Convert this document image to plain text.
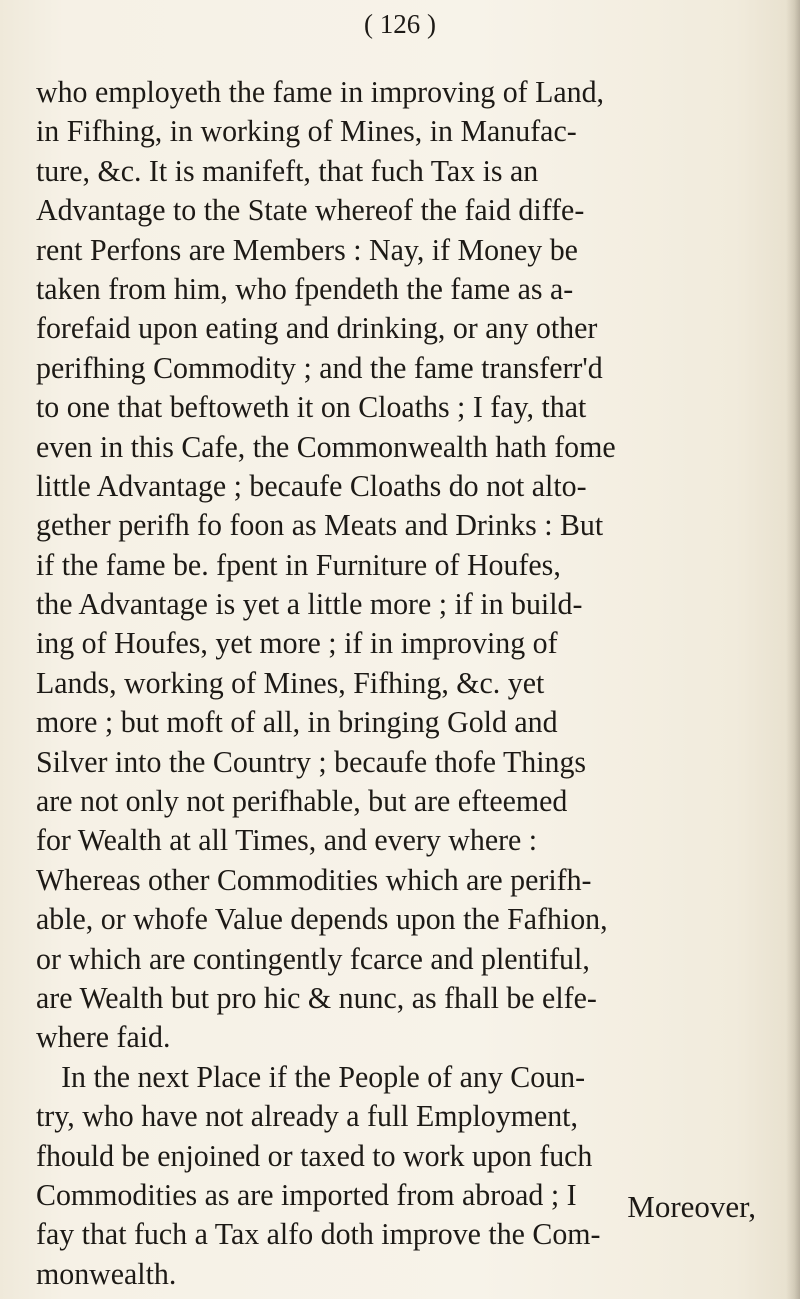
( 126 )
who employeth the fame in improving of Land,
in Fifhing, in working of Mines, in Manufac-
ture, &c. It is manifeft, that fuch Tax is an
Advantage to the State whereof the faid diffe-
rent Perfons are Members : Nay, if Money be
taken from him, who fpendeth the fame as a-
forefaid upon eating and drinking, or any other
perifhing Commodity ; and the fame transferr'd
to one that beftoweth it on Cloaths ; I fay, that
even in this Cafe, the Commonwealth hath fome
little Advantage ; becaufe Cloaths do not alto-
gether perifh fo foon as Meats and Drinks : But
if the fame be. fpent in Furniture of Houfes,
the Advantage is yet a little more ; if in build-
ing of Houfes, yet more ; if in improving of
Lands, working of Mines, Fifhing, &c. yet
more ; but moft of all, in bringing Gold and
Silver into the Country ; becaufe thofe Things
are not only not perifhable, but are efteemed
for Wealth at all Times, and every where :
Whereas other Commodities which are perifh-
able, or whofe Value depends upon the Fafhion,
or which are contingently fcarce and plentiful,
are Wealth but pro hic & nunc, as fhall be elfe-
where faid.
In the next Place if the People of any Coun-
try, who have not already a full Employment,
fhould be enjoined or taxed to work upon fuch
Commodities as are imported from abroad ; I
fay that fuch a Tax alfo doth improve the Com-
monwealth.
Moreover,
